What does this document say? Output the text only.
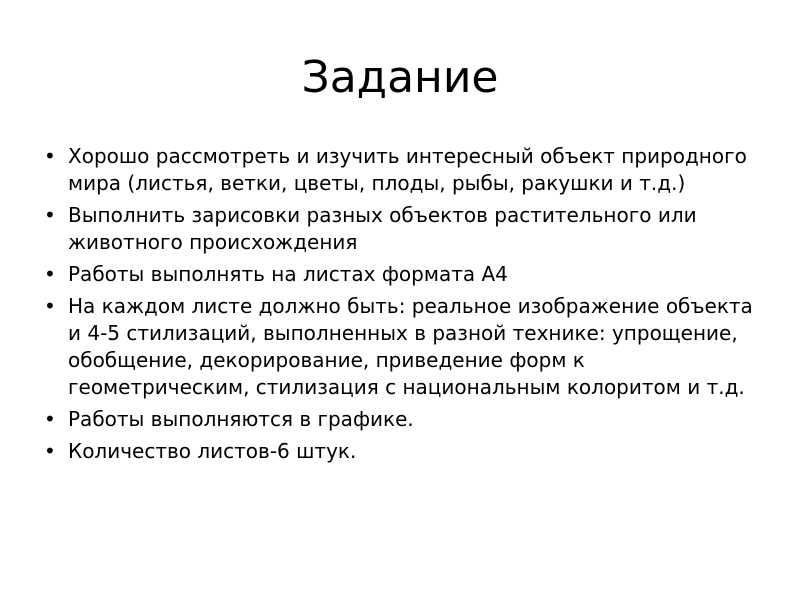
Задание
• Хорошо рассмотреть и изучить интересный объект природного мира (листья, ветки, цветы, плоды, рыбы, ракушки и т.д.)
• Выполнить зарисовки разных объектов растительного или животного происхождения
• Работы выполнять на листах формата А4
• На каждом листе должно быть: реальное изображение объекта и 4-5 стилизаций, выполненных в разной технике: упрощение, обобщение, декорирование, приведение форм к геометрическим, стилизация с национальным колоритом и т.д.
• Работы выполняются в графике.
• Количество листов-6 штук.
